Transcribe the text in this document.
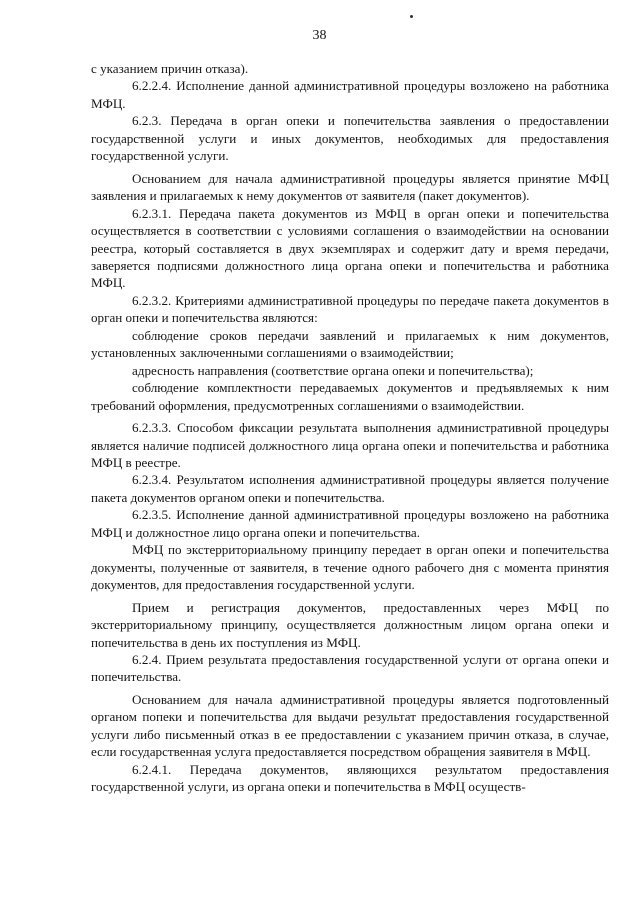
38

с указанием причин отказа).

6.2.2.4. Исполнение данной административной процедуры возложено на работника МФЦ.

6.2.3. Передача в орган опеки и попечительства заявления о предоставлении государственной услуги и иных документов, необходимых для предоставления государственной услуги.

Основанием для начала административной процедуры является принятие МФЦ заявления и прилагаемых к нему документов от заявителя (пакет документов).

6.2.3.1. Передача пакета документов из МФЦ в орган опеки и попечительства осуществляется в соответствии с условиями соглашения о взаимодействии на основании реестра, который составляется в двух экземплярах и содержит дату и время передачи, заверяется подписями должностного лица органа опеки и попечительства и работника МФЦ.

6.2.3.2. Критериями административной процедуры по передаче пакета документов в орган опеки и попечительства являются:

соблюдение сроков передачи заявлений и прилагаемых к ним документов, установленных заключенными соглашениями о взаимодействии;

адресность направления (соответствие органа опеки и попечительства);

соблюдение комплектности передаваемых документов и предъявляемых к ним требований оформления, предусмотренных соглашениями о взаимодействии.

6.2.3.3. Способом фиксации результата выполнения административной процедуры является наличие подписей должностного лица органа опеки и попечительства и работника МФЦ в реестре.

6.2.3.4. Результатом исполнения административной процедуры является получение пакета документов органом опеки и попечительства.

6.2.3.5. Исполнение данной административной процедуры возложено на работника МФЦ и должностное лицо органа опеки и попечительства.

МФЦ по экстерриториальному принципу передает в орган опеки и попечительства документы, полученные от заявителя, в течение одного рабочего дня с момента принятия документов, для предоставления государственной услуги.

Прием и регистрация документов, предоставленных через МФЦ по экстерриториальному принципу, осуществляется должностным лицом органа опеки и попечительства в день их поступления из МФЦ.

6.2.4. Прием результата предоставления государственной услуги от органа опеки и попечительства.

Основанием для начала административной процедуры является подготовленный органом попеки и попечительства для выдачи результат предоставления государственной услуги либо письменный отказ в ее предоставлении с указанием причин отказа, в случае, если государственная услуга предоставляется посредством обращения заявителя в МФЦ.

6.2.4.1. Передача документов, являющихся результатом предоставления государственной услуги, из органа опеки и попечительства в МФЦ осуществ-
